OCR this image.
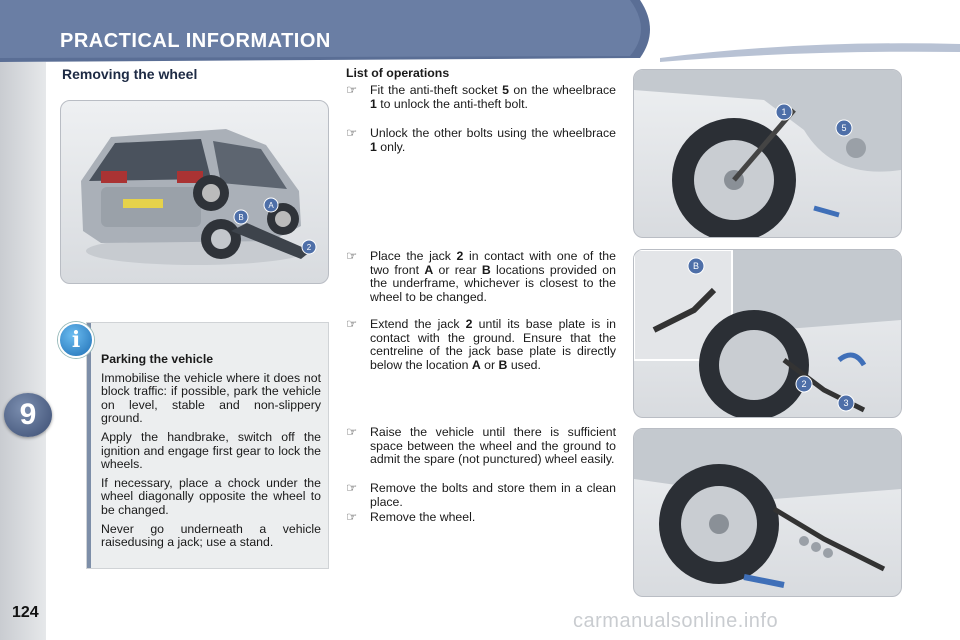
PRACTICAL INFORMATION
9
124
Removing the wheel
A
B
2
Parking the vehicle

Immobilise the vehicle where it does not block traffic: if possible, park the vehicle on level, stable and non-slippery ground.

Apply the handbrake, switch off the ignition and engage first gear to lock the wheels.

If necessary, place a chock under the wheel diagonally opposite the wheel to be changed.

Never go underneath a vehicle raisedusing a jack; use a stand.

i
List of operations
☞	Fit the anti-theft socket 5 on the wheelbrace 1 to unlock the anti-theft bolt.
☞	Unlock the other bolts using the wheelbrace 1 only.
☞	Place the jack 2 in contact with one of the two front A or rear B locations provided on the underframe, whichever is closest to the wheel to be changed.
☞	Extend the jack 2 until its base plate is in contact with the ground. Ensure that the centreline of the jack base plate is directly below the location A or B used.
☞	Raise the vehicle until there is sufficient space between the wheel and the ground to admit the spare (not punctured) wheel easily.
☞	Remove the bolts and store them in a clean place.
☞	Remove the wheel.
1
5
B
2
3
carmanualsonline.info
